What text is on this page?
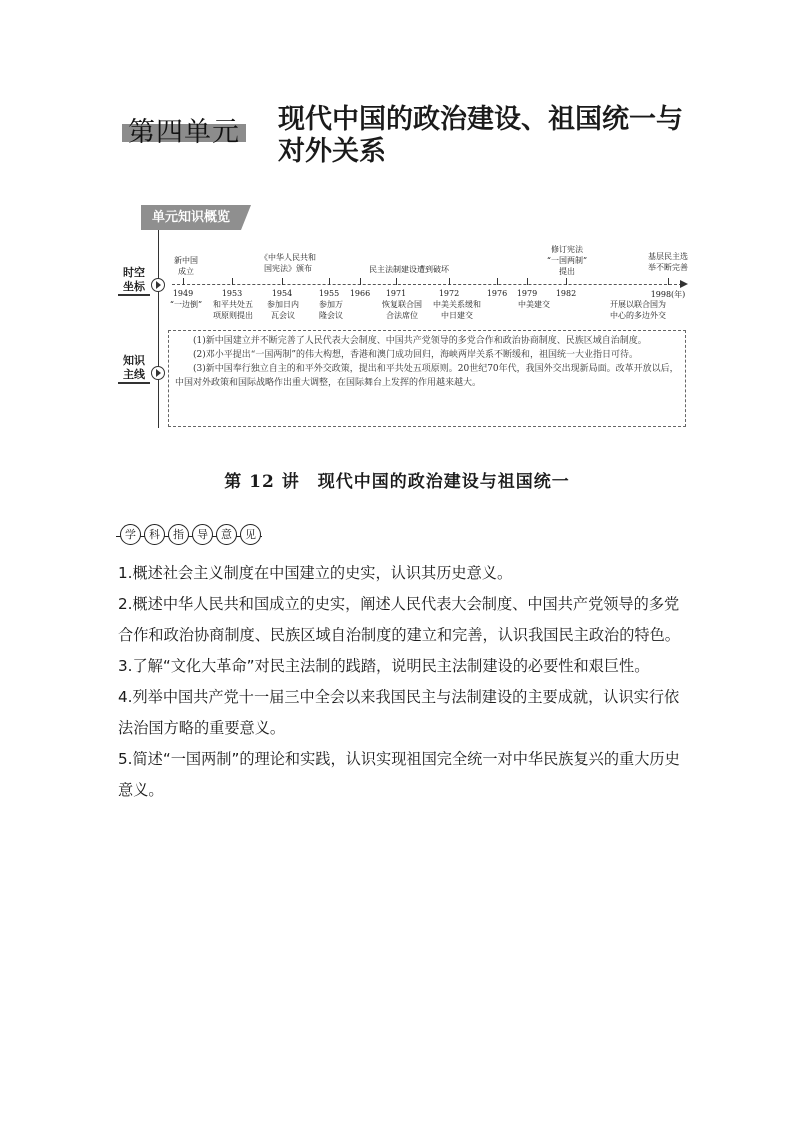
第四单元 现代中国的政治建设、祖国统一与
对外关系
单元知识概览
时空
坐标
知识
主线
1949	1953	1954	1955 1966 1971	1972	1976 1979 1982	1998(年)
新中国
成立
《中华人民共和
国宪法》颁布	民主法制建设遭到破坏
修订宪法
“一国两制”
提出
基层民主选
举不断完善
“一边倒” 和平共处五
项原则提出
参加日内
瓦会议
参加万
隆会议
恢复联合国
合法席位
中美关系缓和
中日建交
中美建交	开展以联合国为
中心的多边外交

(1)新中国建立并不断完善了人民代表大会制度、中国共产党领导的多党合作和政治协商制度、民族区域自治制度。

(2)邓小平提出“一国两制”的伟大构想，香港和澳门成功回归，海峡两岸关系不断缓和，祖国统一大业指日可待。

(3)新中国奉行独立自主的和平外交政策，提出和平共处五项原则。20世纪70年代，我国外交出现新局面。改革开放以后，中国对外政策和国际战略作出重大调整，在国际舞台上发挥的作用越来越大。

第 12 讲　现代中国的政治建设与祖国统一
学 科 指 导 意 见
1.概述社会主义制度在中国建立的史实，认识其历史意义。
2.概述中华人民共和国成立的史实，阐述人民代表大会制度、中国共产党领导的多党合作和政治协商制度、民族区域自治制度的建立和完善，认识我国民主政治的特色。
3.了解“文化大革命”对民主法制的践踏，说明民主法制建设的必要性和艰巨性。
4.列举中国共产党十一届三中全会以来我国民主与法制建设的主要成就，认识实行依法治国方略的重要意义。
5.简述“一国两制”的理论和实践，认识实现祖国完全统一对中华民族复兴的重大历史意义。
